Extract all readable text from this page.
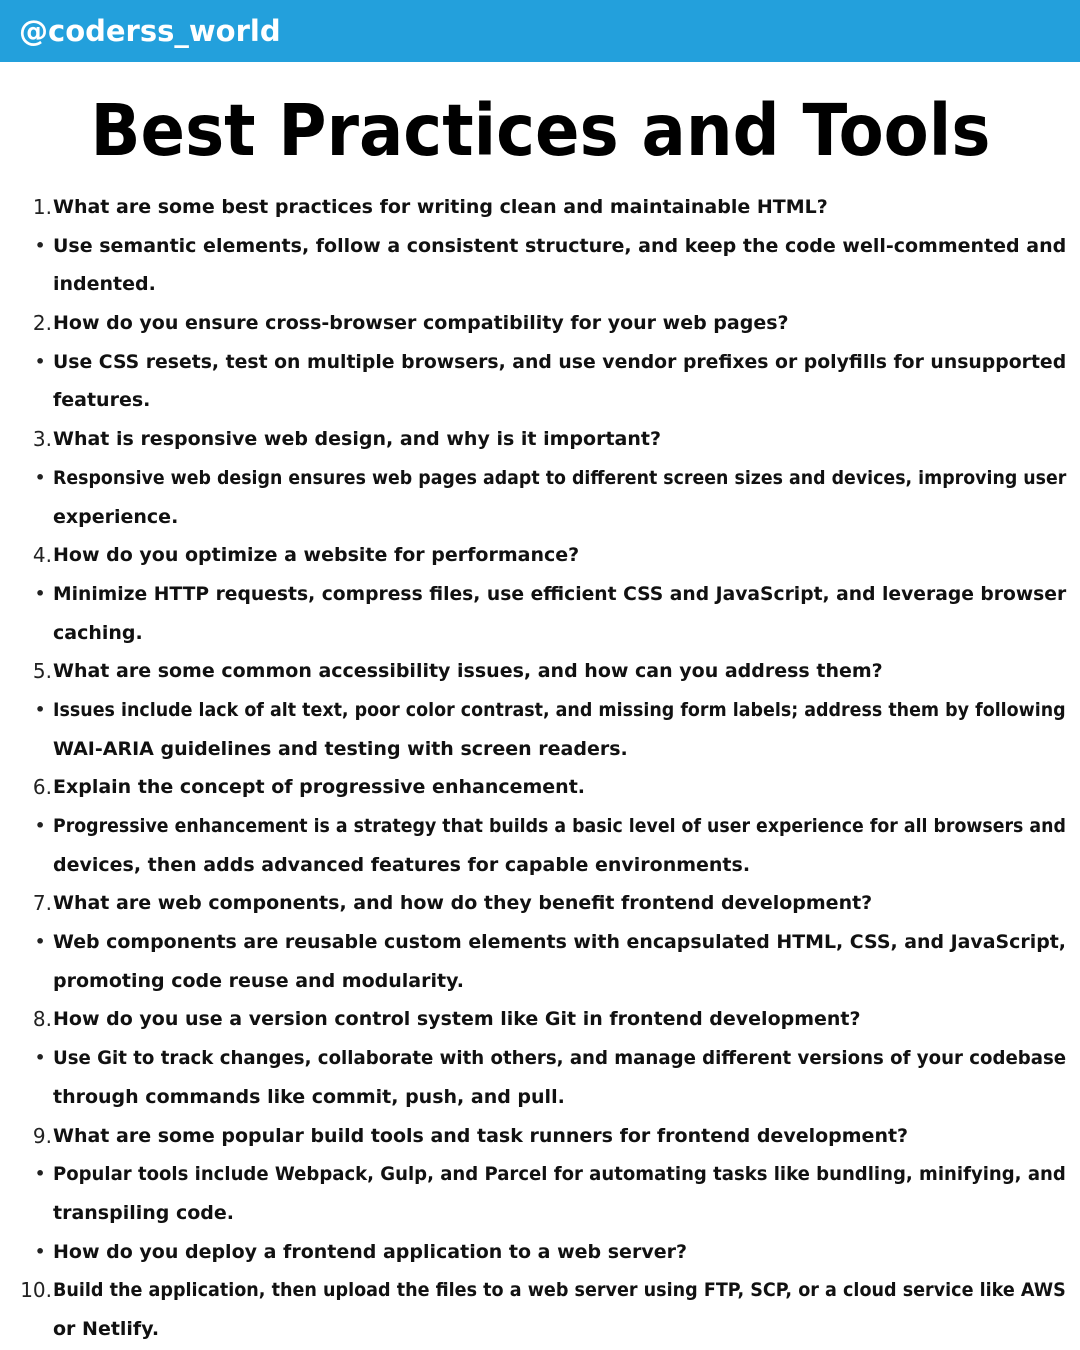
@coderss_world
Best Practices and Tools
1. What are some best practices for writing clean and maintainable HTML?
• Use semantic elements, follow a consistent structure, and keep the code well-commented and
indented.
2. How do you ensure cross-browser compatibility for your web pages?
• Use CSS resets, test on multiple browsers, and use vendor prefixes or polyfills for unsupported
features.
3. What is responsive web design, and why is it important?
• Responsive web design ensures web pages adapt to different screen sizes and devices, improving user
experience.
4. How do you optimize a website for performance?
• Minimize HTTP requests, compress files, use efficient CSS and JavaScript, and leverage browser
caching.
5. What are some common accessibility issues, and how can you address them?
• Issues include lack of alt text, poor color contrast, and missing form labels; address them by following
WAI-ARIA guidelines and testing with screen readers.
6. Explain the concept of progressive enhancement.
• Progressive enhancement is a strategy that builds a basic level of user experience for all browsers and
devices, then adds advanced features for capable environments.
7. What are web components, and how do they benefit frontend development?
• Web components are reusable custom elements with encapsulated HTML, CSS, and JavaScript,
promoting code reuse and modularity.
8. How do you use a version control system like Git in frontend development?
• Use Git to track changes, collaborate with others, and manage different versions of your codebase
through commands like commit, push, and pull.
9. What are some popular build tools and task runners for frontend development?
• Popular tools include Webpack, Gulp, and Parcel for automating tasks like bundling, minifying, and
transpiling code.
• How do you deploy a frontend application to a web server?
10. Build the application, then upload the files to a web server using FTP, SCP, or a cloud service like AWS
or Netlify.
